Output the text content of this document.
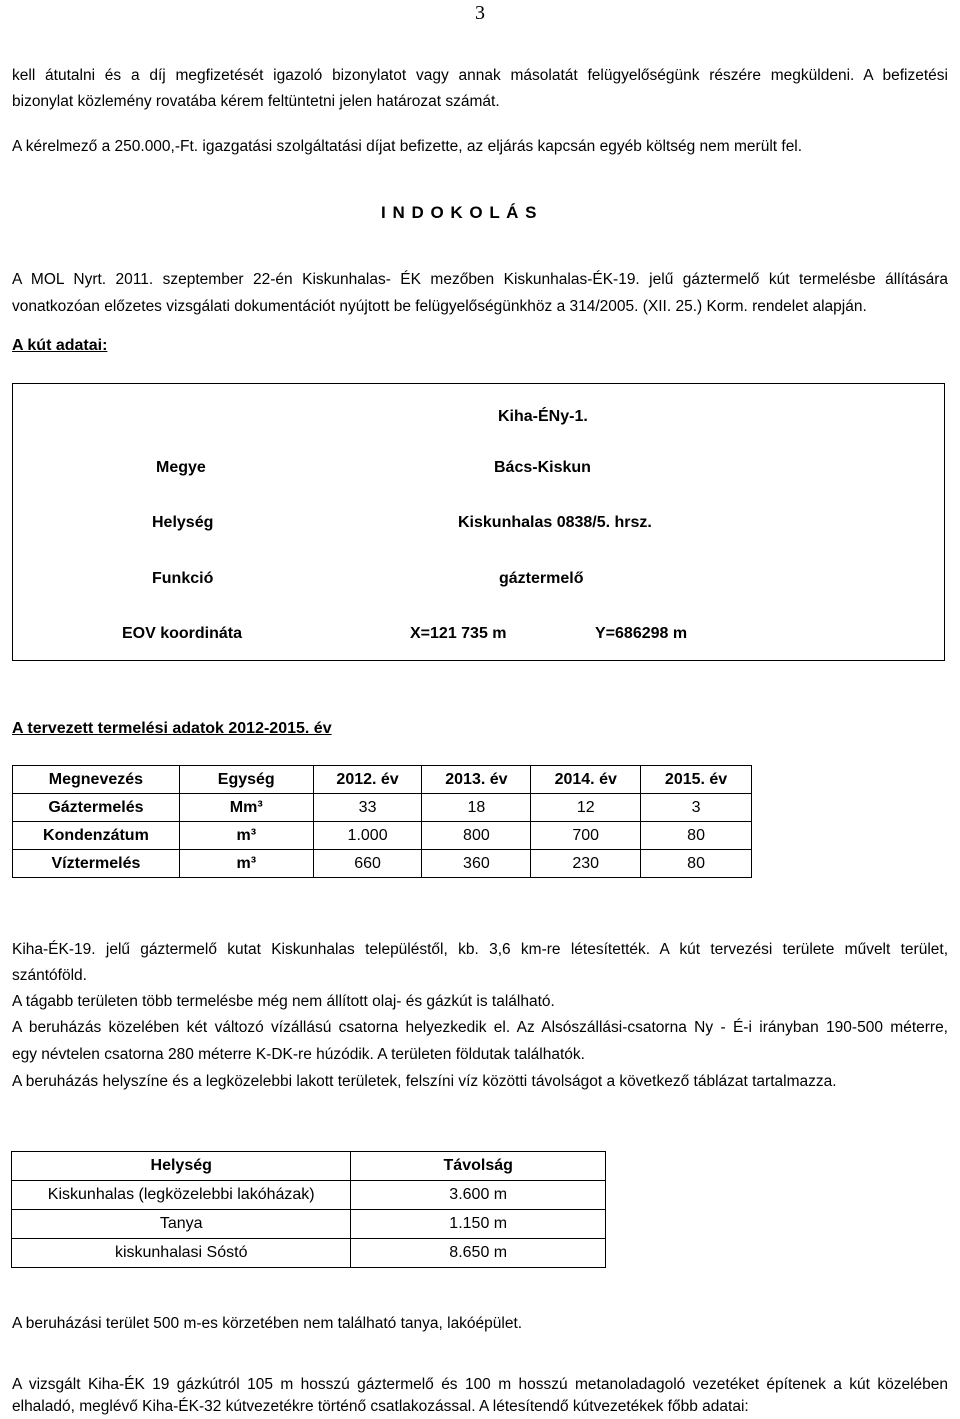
3
kell átutalni és a díj megfizetését igazoló bizonylatot vagy annak másolatát felügyelőségünk részére megküldeni. A befizetési
bizonylat közlemény rovatába kérem feltüntetni jelen határozat számát.
A kérelmező a 250.000,-Ft. igazgatási szolgáltatási díjat befizette, az eljárás kapcsán egyéb költség nem merült fel.
I N D O K O L Á S
A MOL Nyrt. 2011. szeptember 22-én Kiskunhalas- ÉK mezőben Kiskunhalas-ÉK-19. jelű gáztermelő kút termelésbe állítására
vonatkozóan előzetes vizsgálati dokumentációt nyújtott be felügyelőségünkhöz a 314/2005. (XII. 25.) Korm. rendelet alapján.
A kút adatai:
Kiha-ÉNy-1.
Megye	Bács-Kiskun
Helység	Kiskunhalas 0838/5. hrsz.
Funkció	gáztermelő
EOV koordináta	X=121 735 m	Y=686298 m
A tervezett termelési adatok 2012-2015. év
Megnevezés	Egység	2012. év	2013. év	2014. év	2015. év
Gáztermelés	Mm³	33	18	12	3
Kondenzátum	m³	1.000	800	700	80
Víztermelés	m³	660	360	230	80
Kiha-ÉK-19. jelű gáztermelő kutat Kiskunhalas településtől, kb. 3,6 km-re létesítették. A kút tervezési területe művelt terület,
szántóföld.
A tágabb területen több termelésbe még nem állított olaj- és gázkút is található.
A beruházás közelében két változó vízállású csatorna helyezkedik el. Az Alsószállási-csatorna Ny - É-i irányban 190-500 méterre,
egy névtelen csatorna 280 méterre K-DK-re húzódik. A területen földutak találhatók.
A beruházás helyszíne és a legközelebbi lakott területek, felszíni víz közötti távolságot a következő táblázat tartalmazza.
Helység	Távolság
Kiskunhalas (legközelebbi lakóházak)	3.600 m
Tanya	1.150 m
kiskunhalasi Sóstó	8.650 m
A beruházási terület 500 m-es körzetében nem található tanya, lakóépület.
A vizsgált Kiha-ÉK 19 gázkútról 105 m hosszú gáztermelő és 100 m hosszú metanoladagoló vezetéket építenek a kút közelében
elhaladó, meglévő Kiha-ÉK-32 kútvezetékre történő csatlakozással. A létesítendő kútvezetékek főbb adatai:
